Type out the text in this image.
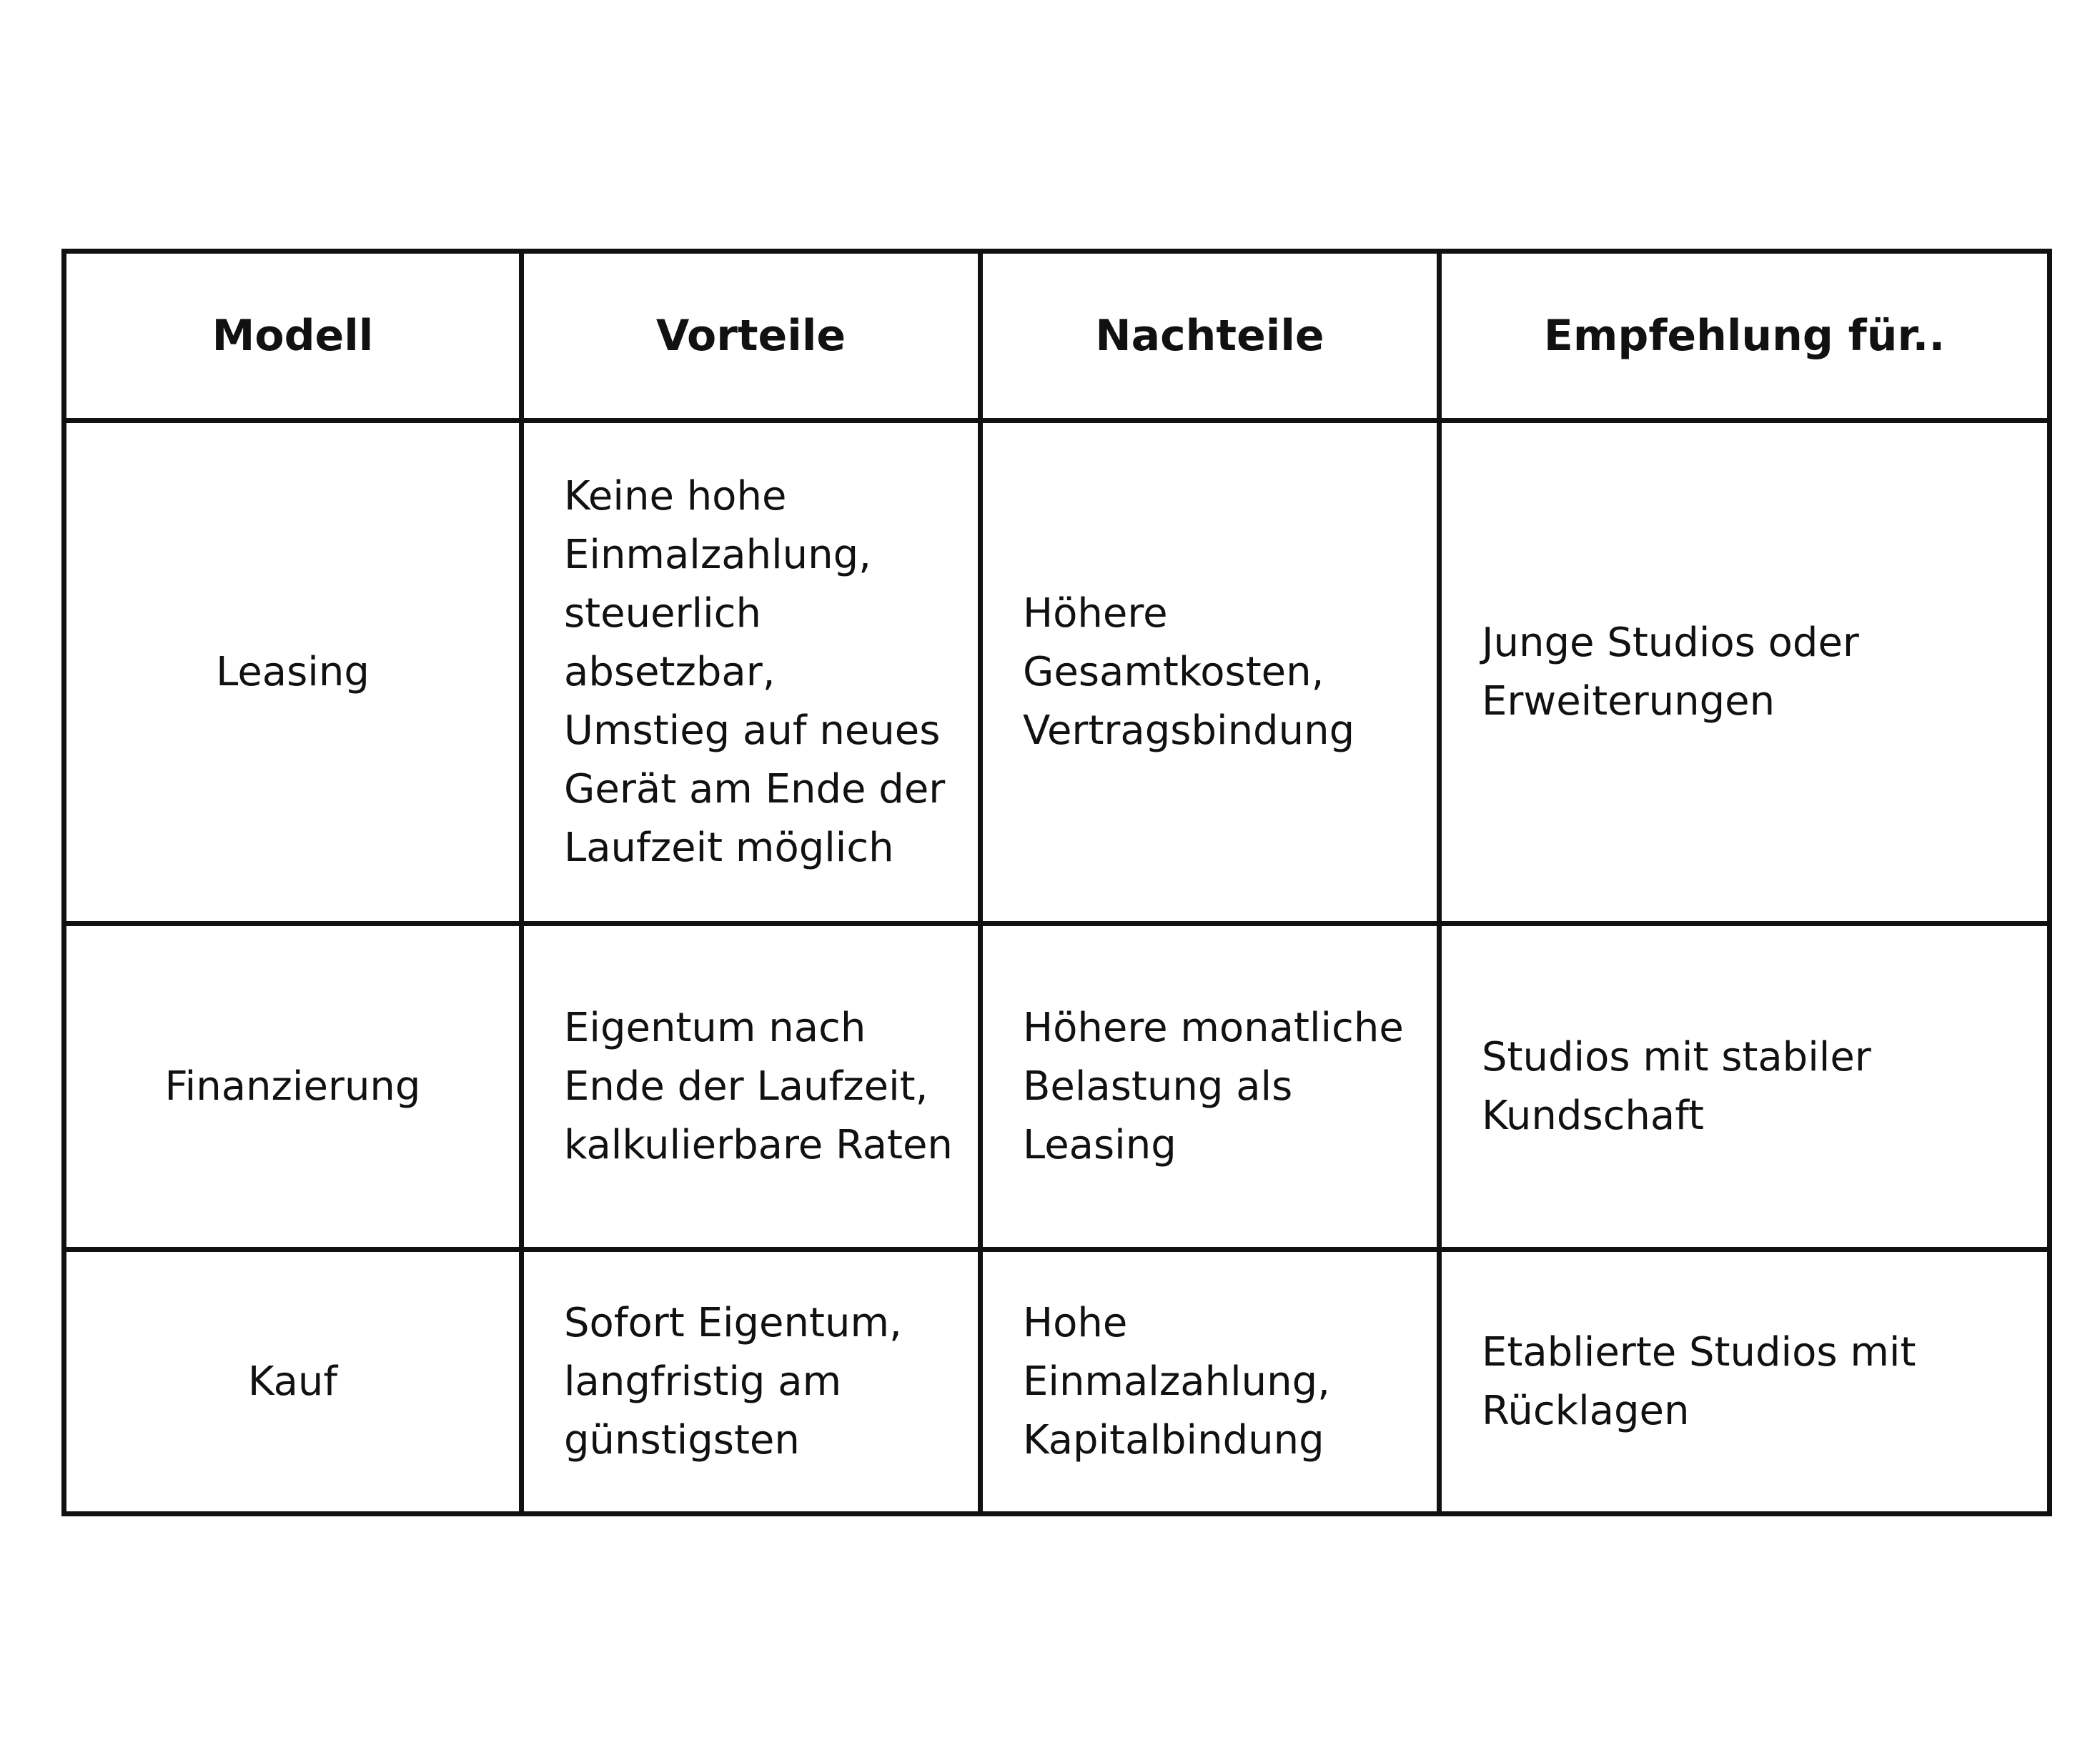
Modell	Vorteile	Nachteile	Empfehlung für..
Leasing	Keine hohe Einmalzahlung, steuerlich absetzbar, Umstieg auf neues Gerät am Ende der Laufzeit möglich	Höhere Gesamtkosten, Vertragsbindung	Junge Studios oder Erweiterungen
Finanzierung	Eigentum nach Ende der Laufzeit, kalkulierbare Raten	Höhere monatliche Belastung als Leasing	Studios mit stabiler Kundschaft
Kauf	Sofort Eigentum, langfristig am günstigsten	Hohe Einmalzahlung, Kapitalbindung	Etablierte Studios mit Rücklagen
